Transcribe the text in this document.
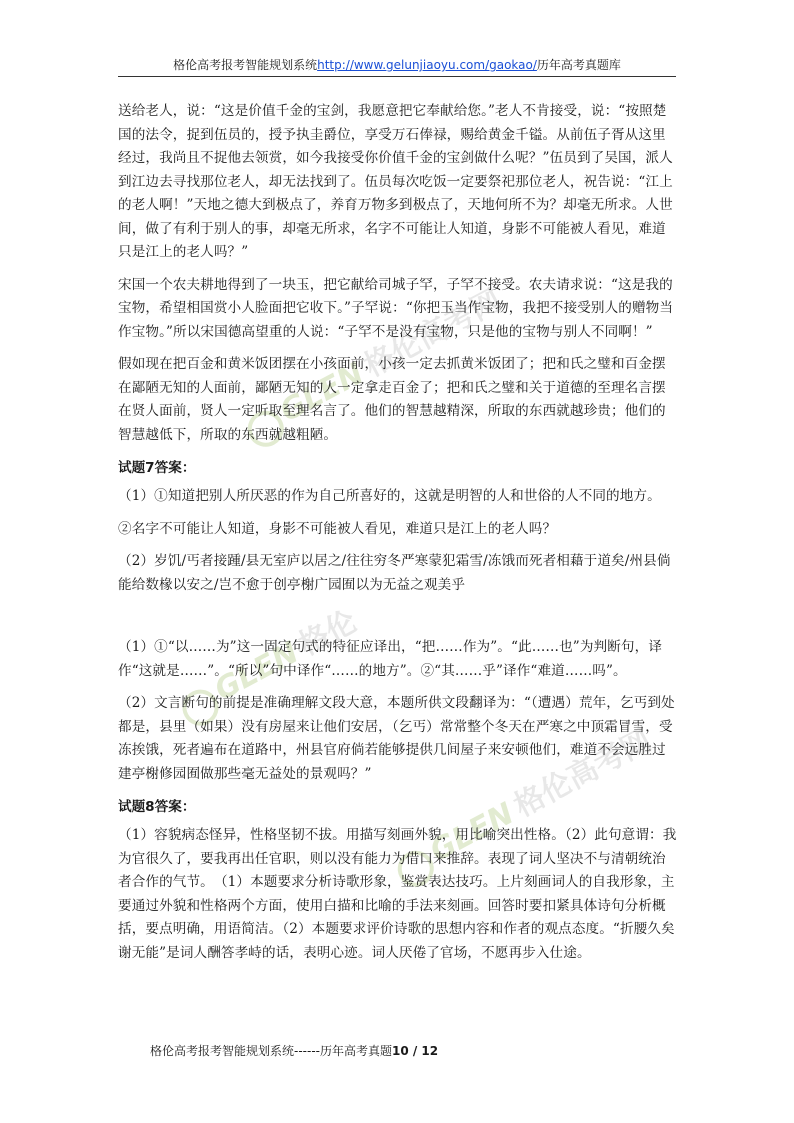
GLEN格伦高考网
GLEN格伦
GLEN格伦高考网
格伦高考报考智能规划系统http://www.gelunjiaoyu.com/gaokao/历年高考真题库

送给老人，说：“这是价值千金的宝剑，我愿意把它奉献给您。”老人不肯接受，说：“按照楚国的法令，捉到伍员的，授予执圭爵位，享受万石俸禄，赐给黄金千镒。从前伍子胥从这里经过，我尚且不捉他去领赏，如今我接受你价值千金的宝剑做什么呢？”伍员到了吴国，派人到江边去寻找那位老人，却无法找到了。伍员每次吃饭一定要祭祀那位老人，祝告说：“江上的老人啊！”天地之德大到极点了，养育万物多到极点了，天地何所不为？却毫无所求。人世间，做了有利于别人的事，却毫无所求，名字不可能让人知道，身影不可能被人看见，难道只是江上的老人吗？”

宋国一个农夫耕地得到了一块玉，把它献给司城子罕，子罕不接受。农夫请求说：“这是我的宝物，希望相国赏小人脸面把它收下。”子罕说：“你把玉当作宝物，我把不接受别人的赠物当作宝物。”所以宋国德高望重的人说：“子罕不是没有宝物，只是他的宝物与别人不同啊！”

假如现在把百金和黄米饭团摆在小孩面前，小孩一定去抓黄米饭团了；把和氏之璧和百金摆在鄙陋无知的人面前，鄙陋无知的人一定拿走百金了；把和氏之璧和关于道德的至理名言摆在贤人面前，贤人一定听取至理名言了。他们的智慧越精深，所取的东西就越珍贵；他们的智慧越低下，所取的东西就越粗陋。

试题7答案：

（1）①知道把别人所厌恶的作为自己所喜好的，这就是明智的人和世俗的人不同的地方。

②名字不可能让人知道，身影不可能被人看见，难道只是江上的老人吗？

（2）岁饥/丐者接踵/县无室庐以居之/往往穷冬严寒蒙犯霜雪/冻饿而死者相藉于道矣/州县倘能给数椽以安之/岂不愈于创亭榭广园囿以为无益之观美乎

（1）①“以……为”这一固定句式的特征应译出，“把……作为”。“此……也”为判断句，译作“这就是……”。“所以”句中译作“……的地方”。②“其……乎”译作“难道……吗”。

（2）文言断句的前提是准确理解文段大意，本题所供文段翻译为：“（遭遇）荒年，乞丐到处都是，县里（如果）没有房屋来让他们安居，（乞丐）常常整个冬天在严寒之中顶霜冒雪，受冻挨饿，死者遍布在道路中，州县官府倘若能够提供几间屋子来安顿他们，难道不会远胜过建亭榭修园囿做那些毫无益处的景观吗？”

试题8答案：

（1）容貌病态怪异，性格坚韧不拔。用描写刻画外貌，用比喻突出性格。（2）此句意谓：我为官很久了，要我再出任官职，则以没有能力为借口来推辞。表现了词人坚决不与清朝统治者合作的气节。　（1）本题要求分析诗歌形象，鉴赏表达技巧。上片刻画词人的自我形象，主要通过外貌和性格两个方面，使用白描和比喻的手法来刻画。回答时要扣紧具体诗句分析概括，要点明确，用语简洁。（2）本题要求评价诗歌的思想内容和作者的观点态度。“折腰久矣谢无能”是词人酬答孝峙的话，表明心迹。词人厌倦了官场，不愿再步入仕途。

格伦高考报考智能规划系统------历年高考真题10 / 12
